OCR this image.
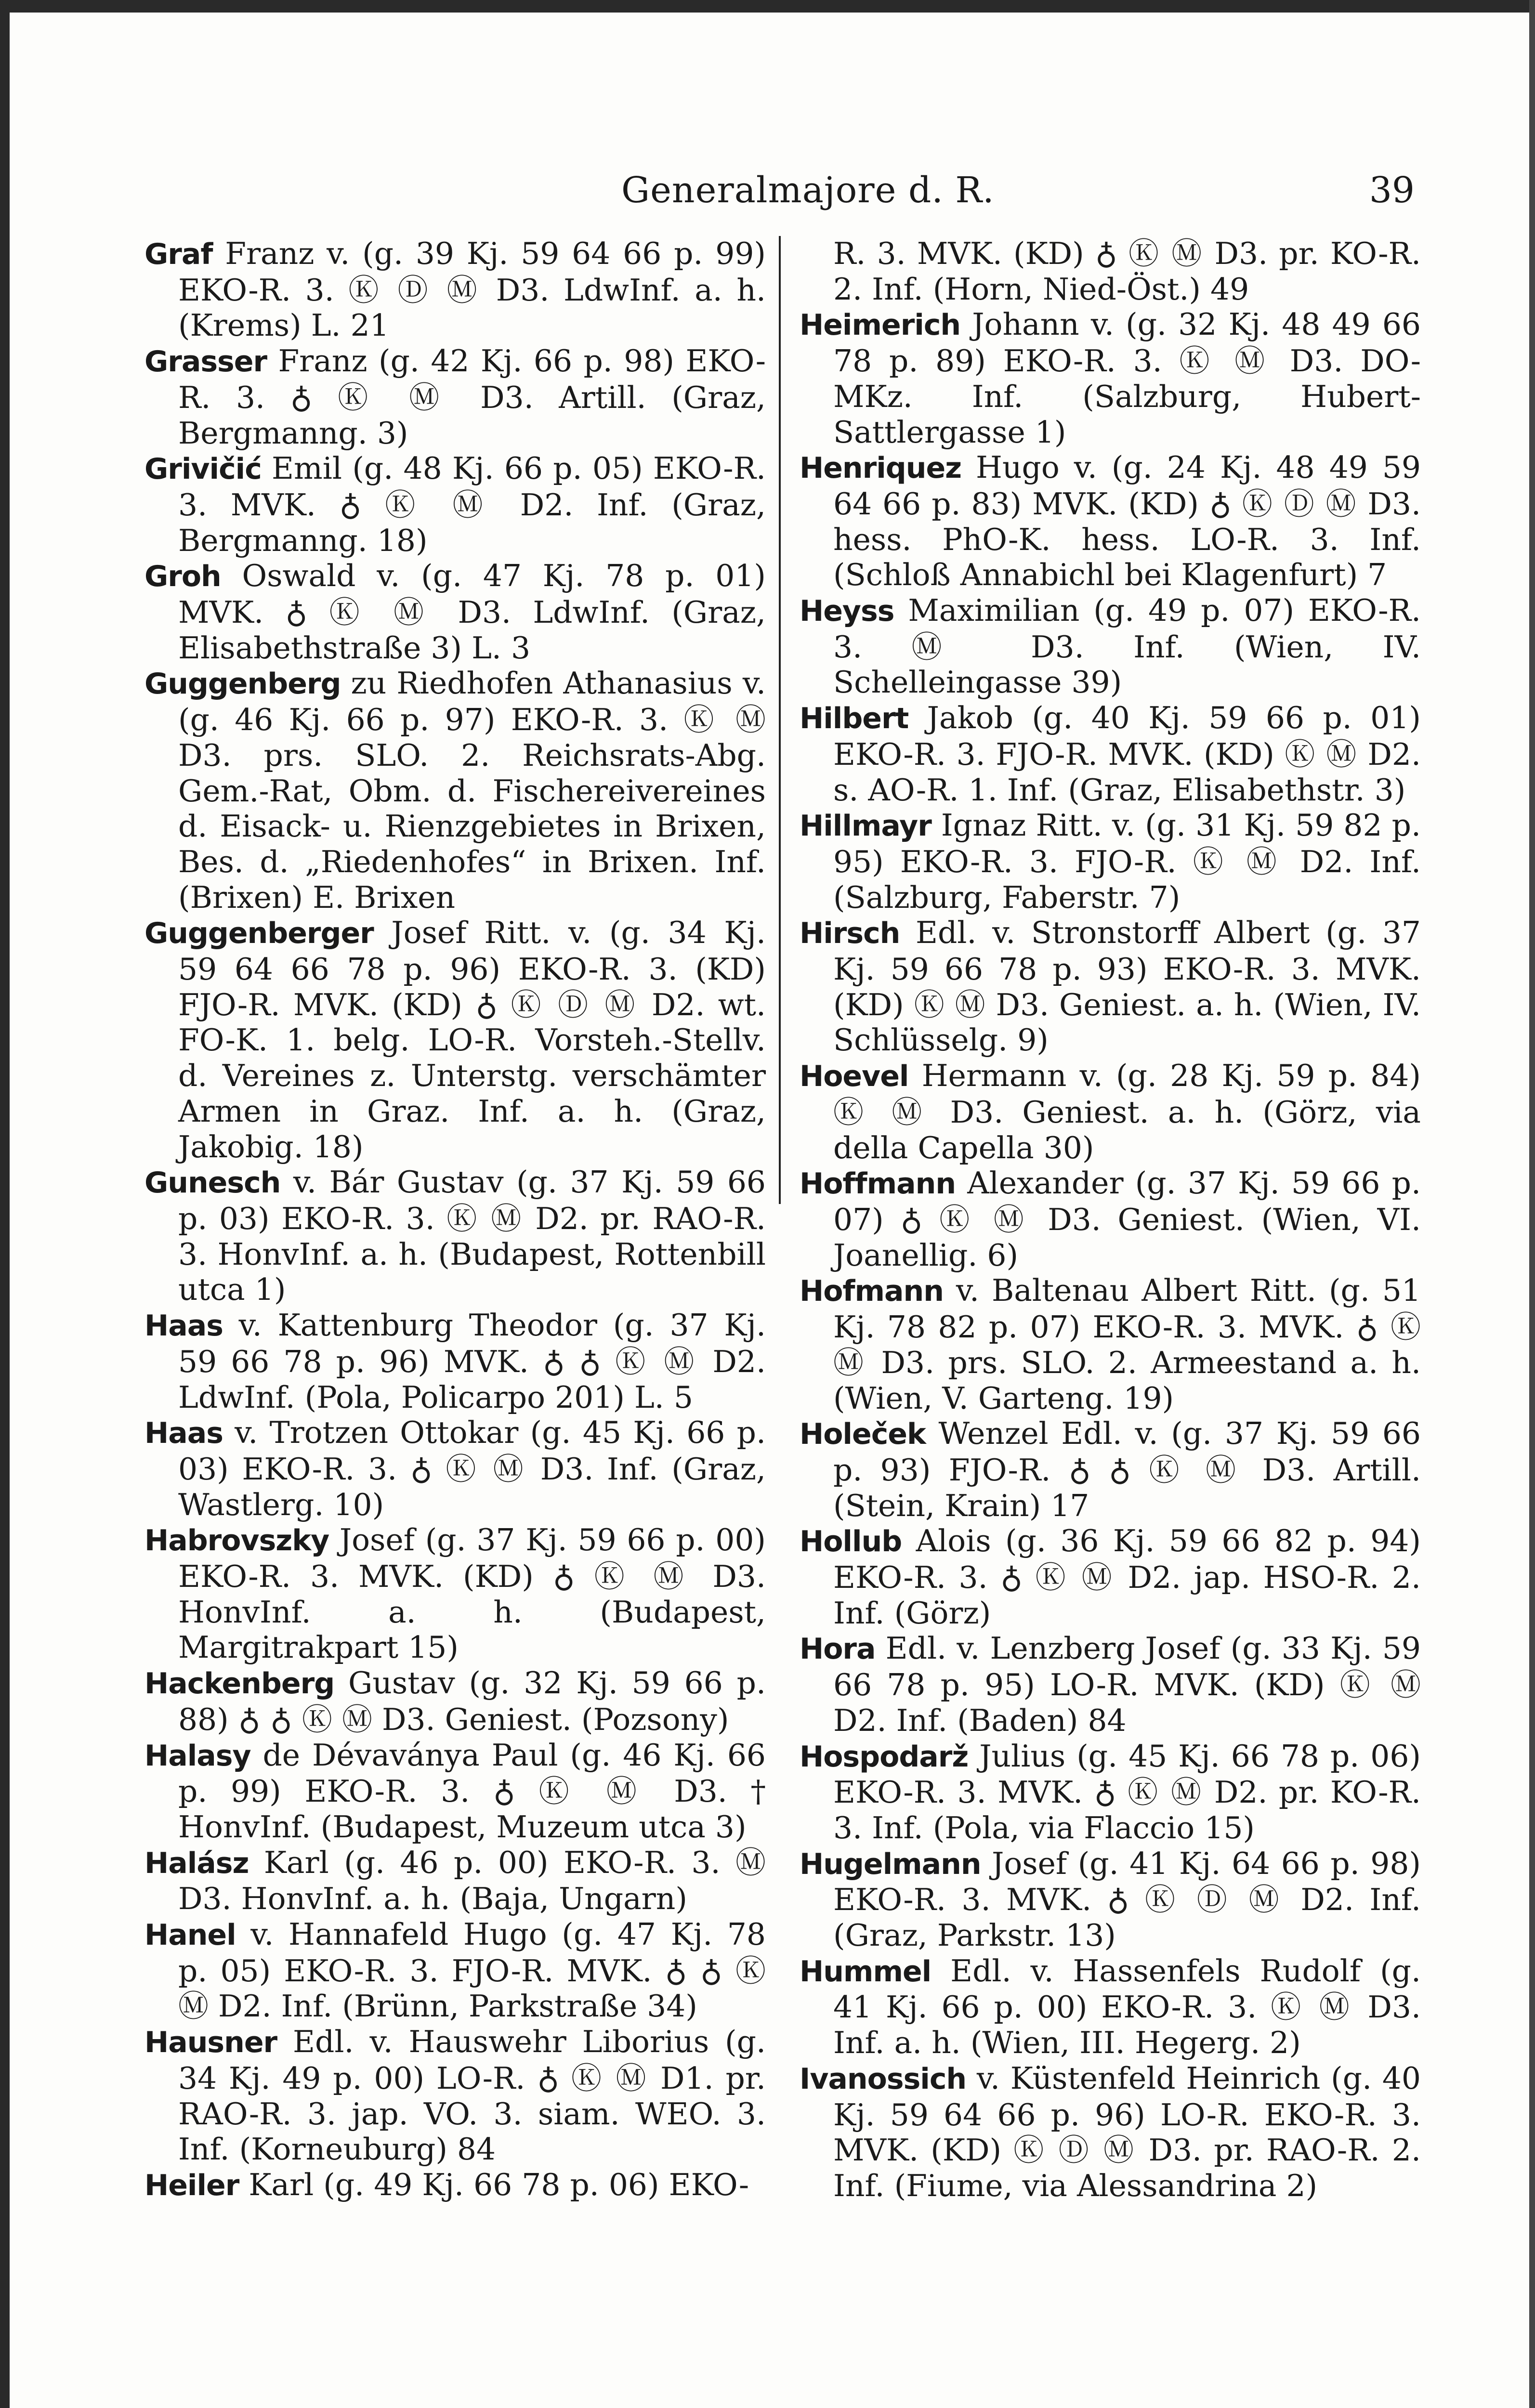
Generalmajore d. R.	39

Graf Franz v. (g. 39 Kj. 59 64 66 p. 99) EKO-R. 3. Ⓚ Ⓓ Ⓜ D3. LdwInf. a. h. (Krems) L. 21

Grasser Franz (g. 42 Kj. 66 p. 98) EKO-R. 3. ♁ Ⓚ Ⓜ D3. Artill. (Graz, Bergmanng. 3)

Grivičić Emil (g. 48 Kj. 66 p. 05) EKO-R. 3. MVK. ♁ Ⓚ Ⓜ D2. Inf. (Graz, Bergmanng. 18)

Groh Oswald v. (g. 47 Kj. 78 p. 01) MVK. ♁ Ⓚ Ⓜ D3. LdwInf. (Graz, Elisabethstraße 3) L. 3

Guggenberg zu Riedhofen Athanasius v. (g. 46 Kj. 66 p. 97) EKO-R. 3. Ⓚ Ⓜ D3. prs. SLO. 2. Reichsrats-Abg. Gem.-Rat, Obm. d. Fischereivereines d. Eisack- u. Rienzgebietes in Brixen, Bes. d. „Riedenhofes“ in Brixen. Inf. (Brixen) E. Brixen

Guggenberger Josef Ritt. v. (g. 34 Kj. 59 64 66 78 p. 96) EKO-R. 3. (KD) FJO-R. MVK. (KD) ♁ Ⓚ Ⓓ Ⓜ D2. wt. FO-K. 1. belg. LO-R. Vorsteh.-Stellv. d. Vereines z. Unterstg. verschämter Armen in Graz. Inf. a. h. (Graz, Jakobig. 18)

Gunesch v. Bár Gustav (g. 37 Kj. 59 66 p. 03) EKO-R. 3. Ⓚ Ⓜ D2. pr. RAO-R. 3. HonvInf. a. h. (Budapest, Rottenbill utca 1)

Haas v. Kattenburg Theodor (g. 37 Kj. 59 66 78 p. 96) MVK. ♁ ♁ Ⓚ Ⓜ D2. LdwInf. (Pola, Policarpo 201) L. 5

Haas v. Trotzen Ottokar (g. 45 Kj. 66 p. 03) EKO-R. 3. ♁ Ⓚ Ⓜ D3. Inf. (Graz, Wastlerg. 10)

Habrovszky Josef (g. 37 Kj. 59 66 p. 00) EKO-R. 3. MVK. (KD) ♁ Ⓚ Ⓜ D3. HonvInf. a. h. (Budapest, Margitrakpart 15)

Hackenberg Gustav (g. 32 Kj. 59 66 p. 88) ♁ ♁ Ⓚ Ⓜ D3. Geniest. (Pozsony)

Halasy de Dévaványa Paul (g. 46 Kj. 66 p. 99) EKO-R. 3. ♁ Ⓚ Ⓜ D3. † HonvInf. (Budapest, Muzeum utca 3)

Halász Karl (g. 46 p. 00) EKO-R. 3. Ⓜ D3. HonvInf. a. h. (Baja, Ungarn)

Hanel v. Hannafeld Hugo (g. 47 Kj. 78 p. 05) EKO-R. 3. FJO-R. MVK. ♁ ♁ Ⓚ Ⓜ D2. Inf. (Brünn, Parkstraße 34)

Hausner Edl. v. Hauswehr Liborius (g. 34 Kj. 49 p. 00) LO-R. ♁ Ⓚ Ⓜ D1. pr. RAO-R. 3. jap. VO. 3. siam. WEO. 3. Inf. (Korneuburg) 84

Heiler Karl (g. 49 Kj. 66 78 p. 06) EKO-

R. 3. MVK. (KD) ♁ Ⓚ Ⓜ D3. pr. KO-R. 2. Inf. (Horn, Nied-Öst.) 49

Heimerich Johann v. (g. 32 Kj. 48 49 66 78 p. 89) EKO-R. 3. Ⓚ Ⓜ D3. DO-MKz. Inf. (Salzburg, Hubert-Sattlergasse 1)

Henriquez Hugo v. (g. 24 Kj. 48 49 59 64 66 p. 83) MVK. (KD) ♁ Ⓚ Ⓓ Ⓜ D3. hess. PhO-K. hess. LO-R. 3. Inf. (Schloß Annabichl bei Klagenfurt) 7

Heyss Maximilian (g. 49 p. 07) EKO-R. 3. Ⓜ D3. Inf. (Wien, IV. Schelleingasse 39)

Hilbert Jakob (g. 40 Kj. 59 66 p. 01) EKO-R. 3. FJO-R. MVK. (KD) Ⓚ Ⓜ D2. s. AO-R. 1. Inf. (Graz, Elisabethstr. 3)

Hillmayr Ignaz Ritt. v. (g. 31 Kj. 59 82 p. 95) EKO-R. 3. FJO-R. Ⓚ Ⓜ D2. Inf. (Salzburg, Faberstr. 7)

Hirsch Edl. v. Stronstorff Albert (g. 37 Kj. 59 66 78 p. 93) EKO-R. 3. MVK. (KD) Ⓚ Ⓜ D3. Geniest. a. h. (Wien, IV. Schlüsselg. 9)

Hoevel Hermann v. (g. 28 Kj. 59 p. 84) Ⓚ Ⓜ D3. Geniest. a. h. (Görz, via della Capella 30)

Hoffmann Alexander (g. 37 Kj. 59 66 p. 07) ♁ Ⓚ Ⓜ D3. Geniest. (Wien, VI. Joanellig. 6)

Hofmann v. Baltenau Albert Ritt. (g. 51 Kj. 78 82 p. 07) EKO-R. 3. MVK. ♁ Ⓚ Ⓜ D3. prs. SLO. 2. Armeestand a. h. (Wien, V. Garteng. 19)

Holeček Wenzel Edl. v. (g. 37 Kj. 59 66 p. 93) FJO-R. ♁ ♁ Ⓚ Ⓜ D3. Artill. (Stein, Krain) 17

Hollub Alois (g. 36 Kj. 59 66 82 p. 94) EKO-R. 3. ♁ Ⓚ Ⓜ D2. jap. HSO-R. 2. Inf. (Görz)

Hora Edl. v. Lenzberg Josef (g. 33 Kj. 59 66 78 p. 95) LO-R. MVK. (KD) Ⓚ Ⓜ D2. Inf. (Baden) 84

Hospodarž Julius (g. 45 Kj. 66 78 p. 06) EKO-R. 3. MVK. ♁ Ⓚ Ⓜ D2. pr. KO-R. 3. Inf. (Pola, via Flaccio 15)

Hugelmann Josef (g. 41 Kj. 64 66 p. 98) EKO-R. 3. MVK. ♁ Ⓚ Ⓓ Ⓜ D2. Inf. (Graz, Parkstr. 13)

Hummel Edl. v. Hassenfels Rudolf (g. 41 Kj. 66 p. 00) EKO-R. 3. Ⓚ Ⓜ D3. Inf. a. h. (Wien, III. Hegerg. 2)

Ivanossich v. Küstenfeld Heinrich (g. 40 Kj. 59 64 66 p. 96) LO-R. EKO-R. 3. MVK. (KD) Ⓚ Ⓓ Ⓜ D3. pr. RAO-R. 2. Inf. (Fiume, via Alessandrina 2)
